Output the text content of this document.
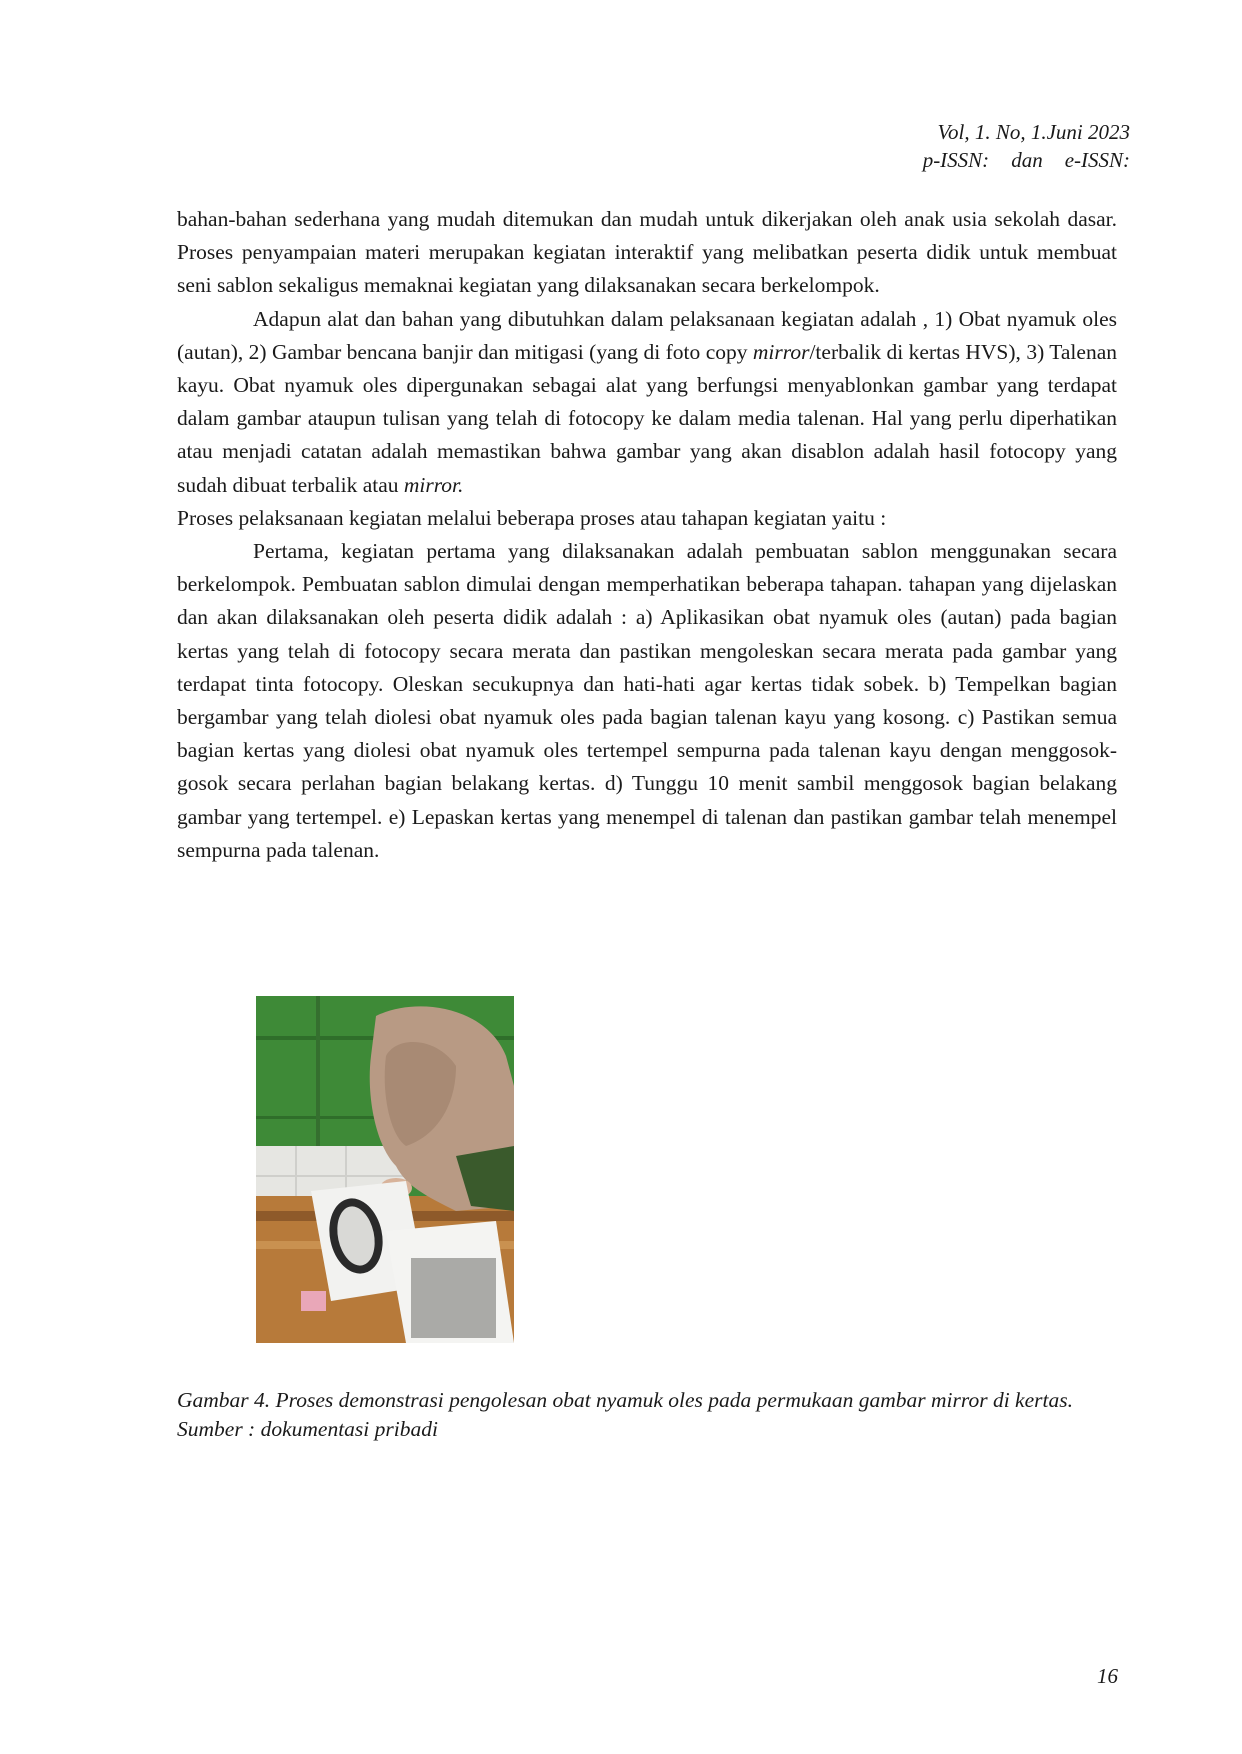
Vol, 1. No, 1.Juni 2023
p-ISSN: dan e-ISSN:

bahan-bahan sederhana yang mudah ditemukan dan mudah untuk dikerjakan oleh anak usia sekolah dasar. Proses penyampaian materi merupakan kegiatan interaktif yang melibatkan peserta didik untuk membuat seni sablon sekaligus memaknai kegiatan yang dilaksanakan secara berkelompok.

Adapun alat dan bahan yang dibutuhkan dalam pelaksanaan kegiatan adalah , 1) Obat nyamuk oles (autan), 2) Gambar bencana banjir dan mitigasi (yang di foto copy mirror/terbalik di kertas HVS), 3) Talenan kayu. Obat nyamuk oles dipergunakan sebagai alat yang berfungsi menyablonkan gambar yang terdapat dalam gambar ataupun tulisan yang telah di fotocopy ke dalam media talenan. Hal yang perlu diperhatikan atau menjadi catatan adalah memastikan bahwa gambar yang akan disablon adalah hasil fotocopy yang sudah dibuat terbalik atau mirror.

Proses pelaksanaan kegiatan melalui beberapa proses atau tahapan kegiatan yaitu :

Pertama, kegiatan pertama yang dilaksanakan adalah pembuatan sablon menggunakan secara berkelompok. Pembuatan sablon dimulai dengan memperhatikan beberapa tahapan. tahapan yang dijelaskan dan akan dilaksanakan oleh peserta didik adalah : a) Aplikasikan obat nyamuk oles (autan) pada bagian kertas yang telah di fotocopy secara merata dan pastikan mengoleskan secara merata pada gambar yang terdapat tinta fotocopy. Oleskan secukupnya dan hati-hati agar kertas tidak sobek. b) Tempelkan bagian bergambar yang telah diolesi obat nyamuk oles pada bagian talenan kayu yang kosong. c) Pastikan semua bagian kertas yang diolesi obat nyamuk oles tertempel sempurna pada talenan kayu dengan menggosok-gosok secara perlahan bagian belakang kertas. d) Tunggu 10 menit sambil menggosok bagian belakang gambar yang tertempel. e) Lepaskan kertas yang menempel di talenan dan pastikan gambar telah menempel sempurna pada talenan.

Gambar 4. Proses demonstrasi pengolesan obat nyamuk oles pada permukaan gambar mirror di kertas.

Sumber : dokumentasi pribadi

16
